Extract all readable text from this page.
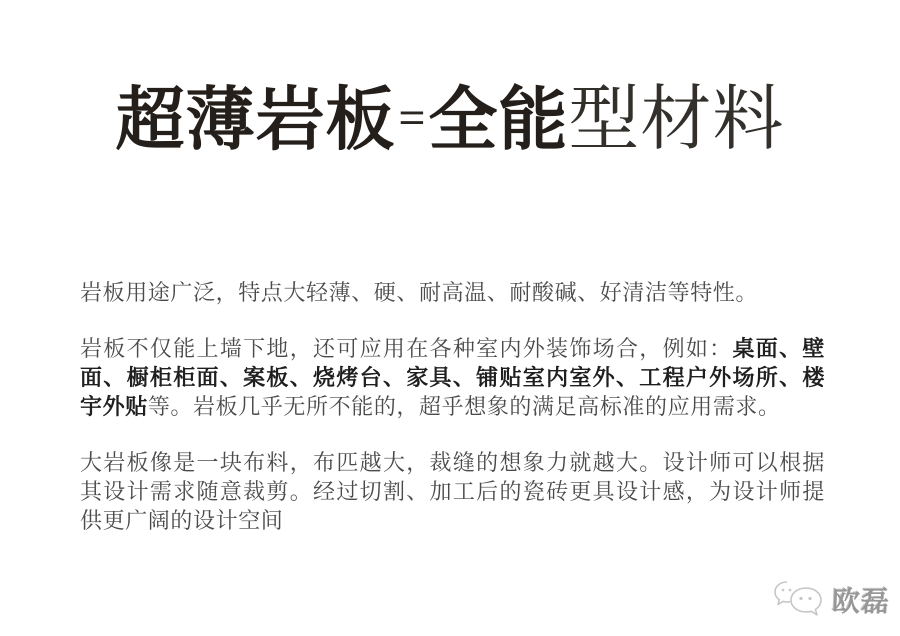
超薄岩板=全能型材料

岩板用途广泛，特点大轻薄、硬、耐高温、耐酸碱、好清洁等特性。

岩板不仅能上墙下地，还可应用在各种室内外装饰场合，例如：桌面、壁面、橱柜柜面、案板、烧烤台、家具、铺贴室内室外、工程户外场所、楼宇外贴等。岩板几乎无所不能的，超乎想象的满足高标准的应用需求。

大岩板像是一块布料，布匹越大，裁缝的想象力就越大。设计师可以根据其设计需求随意裁剪。经过切割、加工后的瓷砖更具设计感，为设计师提供更广阔的设计空间

欧磊
